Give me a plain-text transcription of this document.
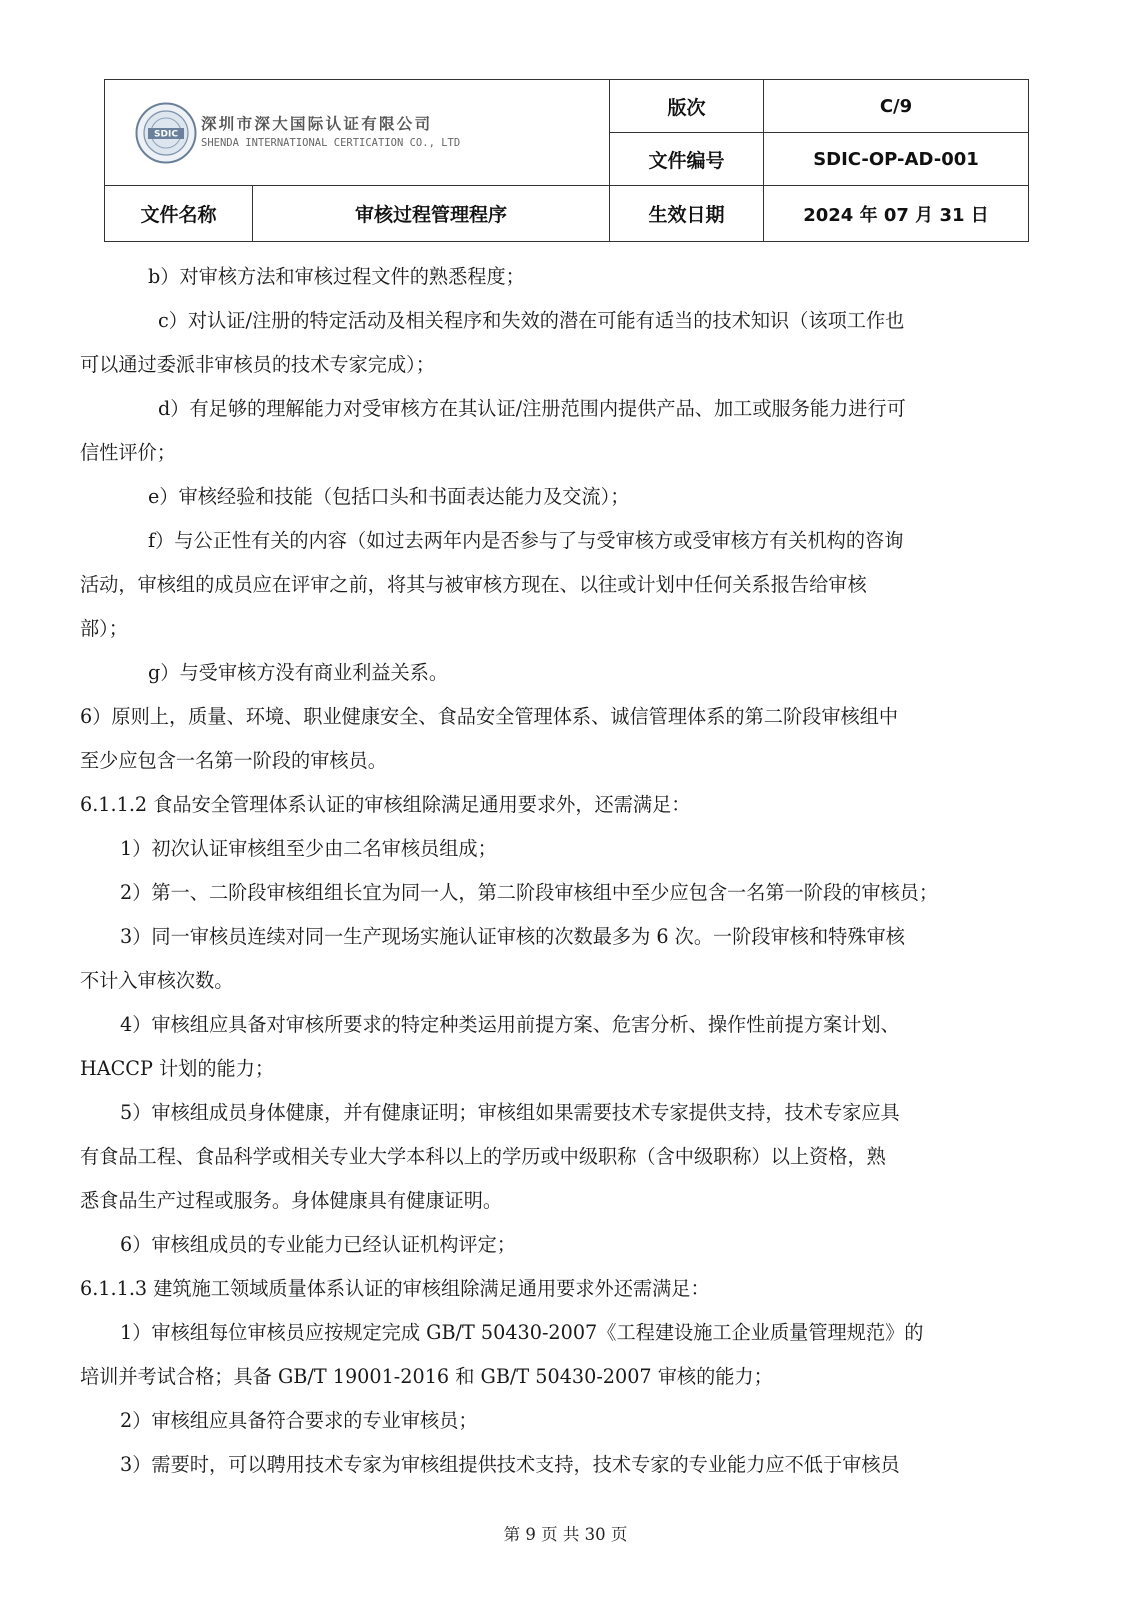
SDIC
深圳市深大国际认证有限公司
SHENDA INTERNATIONAL CERTICATION CO., LTD		版次	C/9
		文件编号	SDIC-OP-AD-001
文件名称	审核过程管理程序	生效日期	2024 年 07 月 31 日

b）对审核方法和审核过程文件的熟悉程度；

c）对认证/注册的特定活动及相关程序和失效的潜在可能有适当的技术知识（该项工作也

可以通过委派非审核员的技术专家完成）；

d）有足够的理解能力对受审核方在其认证/注册范围内提供产品、加工或服务能力进行可

信性评价；

e）审核经验和技能（包括口头和书面表达能力及交流）；

f）与公正性有关的内容（如过去两年内是否参与了与受审核方或受审核方有关机构的咨询

活动，审核组的成员应在评审之前，将其与被审核方现在、以往或计划中任何关系报告给审核

部）；

g）与受审核方没有商业利益关系。

6）原则上，质量、环境、职业健康安全、食品安全管理体系、诚信管理体系的第二阶段审核组中

至少应包含一名第一阶段的审核员。

6.1.1.2 食品安全管理体系认证的审核组除满足通用要求外，还需满足：

1）初次认证审核组至少由二名审核员组成；

2）第一、二阶段审核组组长宜为同一人，第二阶段审核组中至少应包含一名第一阶段的审核员；

3）同一审核员连续对同一生产现场实施认证审核的次数最多为 6 次。一阶段审核和特殊审核

不计入审核次数。

4）审核组应具备对审核所要求的特定种类运用前提方案、危害分析、操作性前提方案计划、

HACCP 计划的能力；

5）审核组成员身体健康，并有健康证明；审核组如果需要技术专家提供支持，技术专家应具

有食品工程、食品科学或相关专业大学本科以上的学历或中级职称（含中级职称）以上资格，熟

悉食品生产过程或服务。身体健康具有健康证明。

6）审核组成员的专业能力已经认证机构评定；

6.1.1.3 建筑施工领域质量体系认证的审核组除满足通用要求外还需满足：

1）审核组每位审核员应按规定完成 GB/T 50430-2007《工程建设施工企业质量管理规范》的

培训并考试合格；具备 GB/T 19001-2016 和 GB/T 50430-2007 审核的能力；

2）审核组应具备符合要求的专业审核员；

3）需要时，可以聘用技术专家为审核组提供技术支持，技术专家的专业能力应不低于审核员

第 9 页 共 30 页
